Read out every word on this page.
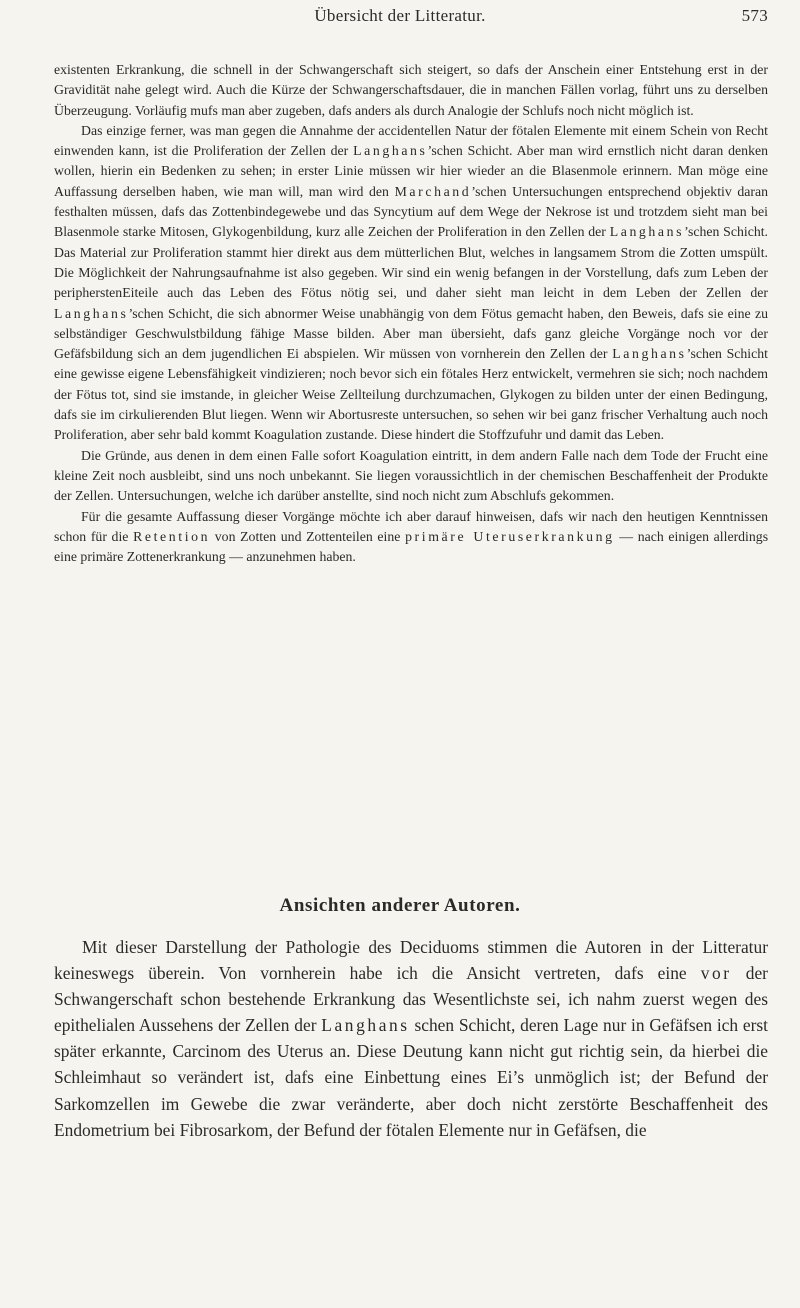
Übersicht der Litteratur.	573

existenten Erkrankung, die schnell in der Schwangerschaft sich steigert, so dafs der Anschein einer Entstehung erst in der Gravidität nahe gelegt wird. Auch die Kürze der Schwangerschaftsdauer, die in manchen Fällen vorlag, führt uns zu derselben Überzeugung. Vorläufig mufs man aber zugeben, dafs anders als durch Analogie der Schlufs noch nicht möglich ist.

Das einzige ferner, was man gegen die Annahme der accidentellen Natur der fötalen Elemente mit einem Schein von Recht einwenden kann, ist die Proliferation der Zellen der Langhans’schen Schicht. Aber man wird ernstlich nicht daran denken wollen, hierin ein Bedenken zu sehen; in erster Linie müssen wir hier wieder an die Blasenmole erinnern. Man möge eine Auffassung derselben haben, wie man will, man wird den Marchand’schen Untersuchungen entsprechend objektiv daran festhalten müssen, dafs das Zottenbindegewebe und das Syncytium auf dem Wege der Nekrose ist und trotzdem sieht man bei Blasenmole starke Mitosen, Glykogenbildung, kurz alle Zeichen der Proliferation in den Zellen der Langhans’schen Schicht. Das Material zur Proliferation stammt hier direkt aus dem mütterlichen Blut, welches in langsamem Strom die Zotten umspült. Die Möglichkeit der Nahrungsaufnahme ist also gegeben. Wir sind ein wenig befangen in der Vorstellung, dafs zum Leben der peripherstenEiteile auch das Leben des Fötus nötig sei, und daher sieht man leicht in dem Leben der Zellen der Langhans’schen Schicht, die sich abnormer Weise unabhängig von dem Fötus gemacht haben, den Beweis, dafs sie eine zu selbständiger Geschwulstbildung fähige Masse bilden. Aber man übersieht, dafs ganz gleiche Vorgänge noch vor der Gefäfsbildung sich an dem jugendlichen Ei abspielen. Wir müssen von vornherein den Zellen der Langhans’schen Schicht eine gewisse eigene Lebensfähigkeit vindizieren; noch bevor sich ein fötales Herz entwickelt, vermehren sie sich; noch nachdem der Fötus tot, sind sie imstande, in gleicher Weise Zellteilung durchzumachen, Glykogen zu bilden unter der einen Bedingung, dafs sie im cirkulierenden Blut liegen. Wenn wir Abortusreste untersuchen, so sehen wir bei ganz frischer Verhaltung auch noch Proliferation, aber sehr bald kommt Koagulation zustande. Diese hindert die Stoffzufuhr und damit das Leben.

Die Gründe, aus denen in dem einen Falle sofort Koagulation eintritt, in dem andern Falle nach dem Tode der Frucht eine kleine Zeit noch ausbleibt, sind uns noch unbekannt. Sie liegen voraussichtlich in der chemischen Beschaffenheit der Produkte der Zellen. Untersuchungen, welche ich darüber anstellte, sind noch nicht zum Abschlufs gekommen.

Für die gesamte Auffassung dieser Vorgänge möchte ich aber darauf hinweisen, dafs wir nach den heutigen Kenntnissen schon für die Retention von Zotten und Zottenteilen eine primäre Uteruserkrankung — nach einigen allerdings eine primäre Zottenerkrankung — anzunehmen haben.

Ansichten anderer Autoren.

Mit dieser Darstellung der Pathologie des Deciduoms stimmen die Autoren in der Litteratur keineswegs überein. Von vornherein habe ich die Ansicht vertreten, dafs eine vor der Schwangerschaft schon bestehende Erkrankung das Wesentlichste sei, ich nahm zuerst wegen des epithelialen Aussehens der Zellen der Langhans schen Schicht, deren Lage nur in Gefäfsen ich erst später erkannte, Carcinom des Uterus an. Diese Deutung kann nicht gut richtig sein, da hierbei die Schleimhaut so verändert ist, dafs eine Einbettung eines Ei’s unmöglich ist; der Befund der Sarkomzellen im Gewebe die zwar veränderte, aber doch nicht zerstörte Beschaffenheit des Endometrium bei Fibrosarkom, der Befund der fötalen Elemente nur in Gefäfsen, die
